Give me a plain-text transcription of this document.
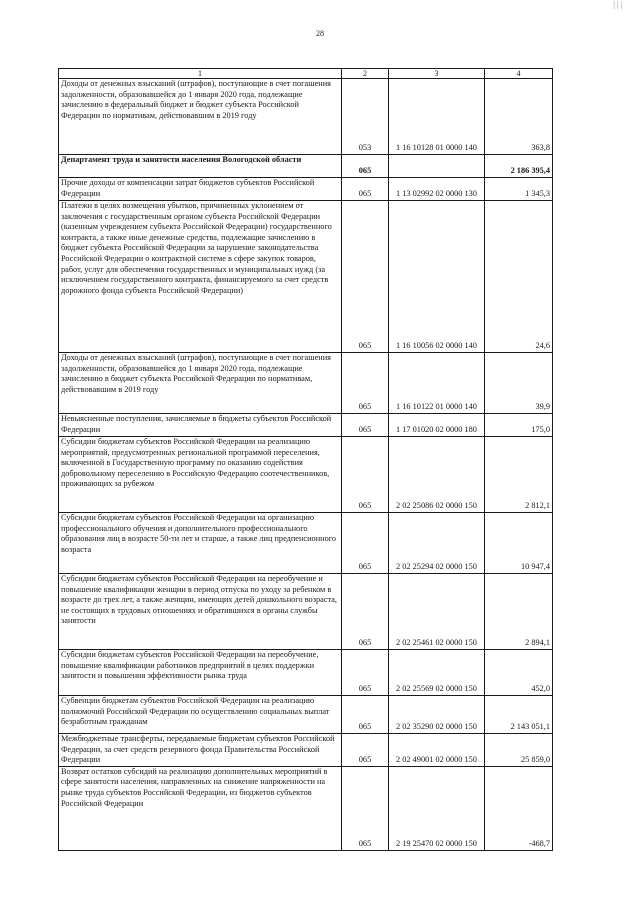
| | |
28
1	2	3	4
Доходы от денежных взысканий (штрафов), поступающие в счет погашения задолженности, образовавшейся до 1 января 2020 года, подлежащие зачислению в федеральный бюджет и бюджет субъекта Российской Федерации по нормативам, действовавшим в 2019 году	053	1 16 10128 01 0000 140	363,8
Департамент труда и занятости населения Вологодской области	065		2 186 395,4
Прочие доходы от компенсации затрат бюджетов субъектов Российской Федерации	065	1 13 02992 02 0000 130	1 345,3
Платежи в целях возмещения убытков, причиненных уклонением от заключения с государственным органом субъекта Российской Федерации (казенным учреждением субъекта Российской Федерации) государственного контракта, а также иные денежные средства, подлежащие зачислению в бюджет субъекта Российской Федерации за нарушение законодательства Российской Федерации о контрактной системе в сфере закупок товаров, работ, услуг для обеспечения государственных и муниципальных нужд (за исключением государственного контракта, финансируемого за счет средств дорожного фонда субъекта Российской Федерации)	065	1 16 10056 02 0000 140	24,6
Доходы от денежных взысканий (штрафов), поступающие в счет погашения задолженности, образовавшейся до 1 января 2020 года, подлежащие зачислению в бюджет субъекта Российской Федерации по нормативам, действовавшим в 2019 году	065	1 16 10122 01 0000 140	39,9
Невыясненные поступления, зачисляемые в бюджеты субъектов Российской Федерации	065	1 17 01020 02 0000 180	175,0
Субсидии бюджетам субъектов Российской Федерации на реализацию мероприятий, предусмотренных региональной программой переселения, включенной в Государственную программу по оказанию содействия добровольному переселению в Российскую Федерацию соотечественников, проживающих за рубежом	065	2 02 25086 02 0000 150	2 812,1
Субсидии бюджетам субъектов Российской Федерации на организацию профессионального обучения и дополнительного профессионального образования лиц в возрасте 50-ти лет и старше, а также лиц предпенсионного возраста	065	2 02 25294 02 0000 150	10 947,4
Субсидии бюджетам субъектов Российской Федерации на переобучение и повышение квалификации женщин в период отпуска по уходу за ребенком в возрасте до трех лет, а также женщин, имеющих детей дошкольного возраста, не состоящих в трудовых отношениях и обратившихся в органы службы занятости	065	2 02 25461 02 0000 150	2 894,1
Субсидии бюджетам субъектов Российской Федерации на переобучение, повышение квалификации работников предприятий в целях поддержки занятости и повышения эффективности рынка труда	065	2 02 25569 02 0000 150	452,0
Субвенции бюджетам субъектов Российской Федерации на реализацию полномочий Российской Федерации по осуществлению социальных выплат безработным гражданам	065	2 02 35290 02 0000 150	2 143 051,1
Межбюджетные трансферты, передаваемые бюджетам субъектов Российской Федерации, за счет средств резервного фонда Правительства Российской Федерации	065	2 02 49001 02 0000 150	25 859,0
Возврат остатков субсидий на реализацию дополнительных мероприятий в сфере занятости населения, направленных на снижение напряженности на рынке труда субъектов Российской Федерации, из бюджетов субъектов Российской Федерации	065	2 19 25470 02 0000 150	-468,7
